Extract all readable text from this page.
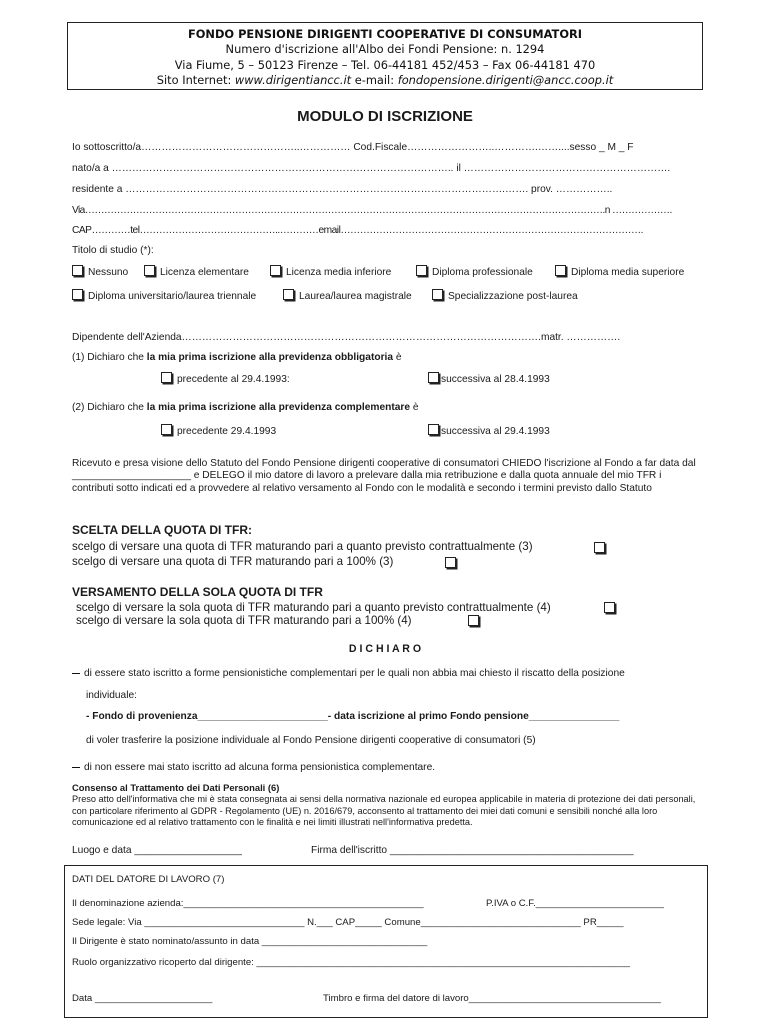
FONDO PENSIONE DIRIGENTI COOPERATIVE DI CONSUMATORI
Numero d'iscrizione all'Albo dei Fondi Pensione: n. 1294
Via Fiume, 5 – 50123 Firenze – Tel. 06-44181 452/453 – Fax 06-44181 470
Sito Internet: www.dirigentiancc.it e-mail: fondopensione.dirigenti@ancc.coop.it
MODULO DI ISCRIZIONE
Io sottoscritto/a………………………………………..…………… Cod.Fiscale……………………..………….……....sesso _ M _ F
nato/a a ……………………………………………………………………………………….. il …………………………………………………….
residente a ………………………………………………………………………………………………….……. prov. ……………..
Via……………………………………………………………………………………………………………………………………………….n ……………….
CAP…………tel……………………………………..…………email………………………………………………………………………………….
Titolo di studio (*):
Nessuno	Licenza elementare	Licenza media inferiore	Diploma professionale	Diploma media superiore
Diploma universitario/laurea triennale	Laurea/laurea magistrale	Specializzazione post-laurea
Dipendente dell'Azienda…………………………………………………………………………………………….matr. …………….
(1) Dichiaro che la mia prima iscrizione alla previdenza obbligatoria è
precedente al 29.4.1993:	successiva al 28.4.1993
(2) Dichiaro che la mia prima iscrizione alla previdenza complementare è
precedente 29.4.1993	successiva al 29.4.1993
Ricevuto e presa visione dello Statuto del Fondo Pensione dirigenti cooperative di consumatori CHIEDO l'iscrizione al Fondo a far data dal _____________________ e DELEGO il mio datore di lavoro a prelevare dalla mia retribuzione e dalla quota annuale del mio TFR i contributi sotto indicati ed a provvedere al relativo versamento al Fondo con le modalità e secondo i termini previsto dallo Statuto
SCELTA DELLA QUOTA DI TFR:
scelgo di versare una quota di TFR maturando pari a quanto previsto contrattualmente (3)
scelgo di versare una quota di TFR maturando pari a 100% (3)
VERSAMENTO DELLA SOLA QUOTA DI TFR
scelgo di versare la sola quota di TFR maturando pari a quanto previsto contrattualmente (4)
scelgo di versare la sola quota di TFR maturando pari a 100% (4)
D I C H I A R O
di essere stato iscritto a forme pensionistiche complementari per le quali non abbia mai chiesto il riscatto della posizione
individuale:
- Fondo di provenienza_______________________- data iscrizione al primo Fondo pensione________________
di voler trasferire la posizione individuale al Fondo Pensione dirigenti cooperative di consumatori (5)
di non essere mai stato iscritto ad alcuna forma pensionistica complementare.
Consenso al Trattamento dei Dati Personali (6)
Preso atto dell'informativa che mi è stata consegnata ai sensi della normativa nazionale ed europea applicabile in materia di protezione dei dati personali, con particolare riferimento al GDPR - Regolamento (UE) n. 2016/679, acconsento al trattamento dei miei dati comuni e sensibili nonché alla loro comunicazione ed al relativo trattamento con le finalità e nei limiti illustrati nell'informativa predetta.
Luogo e data ___________________	Firma dell'iscritto ___________________________________________
DATI DEL DATORE DI LAVORO (7)
Il denominazione azienda:_____________________________________________	P.IVA o C.F.________________________
Sede legale: Via ______________________________ N.___ CAP_____ Comune______________________________ PR_____
Il Dirigente è stato nominato/assunto in data _______________________________
Ruolo organizzativo ricoperto dal dirigente: ______________________________________________________________________
Data ______________________	Timbro e firma del datore di lavoro____________________________________
